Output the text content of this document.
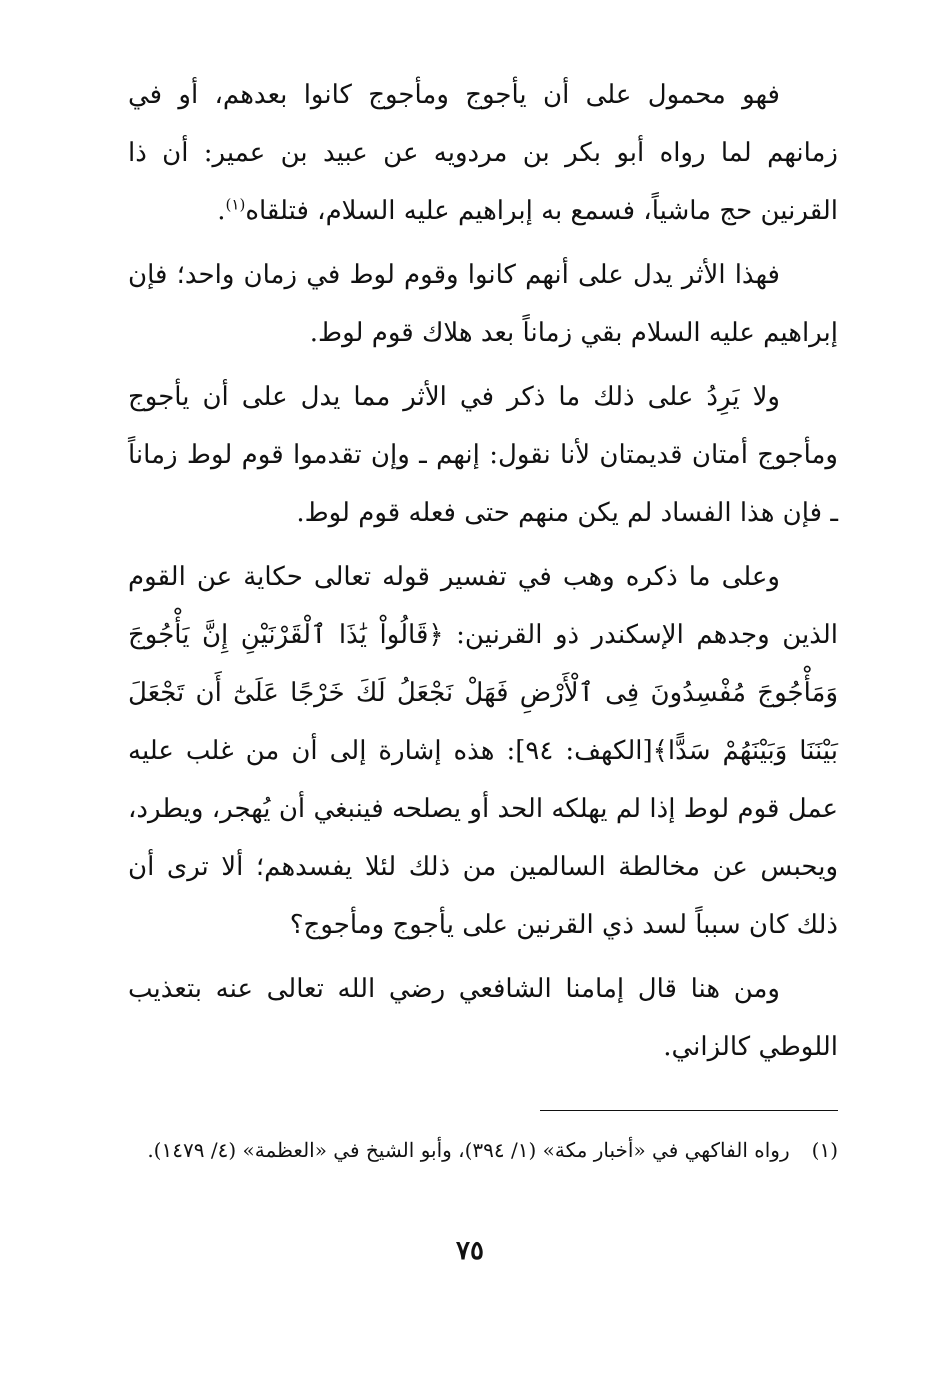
فهو محمول على أن يأجوج ومأجوج كانوا بعدهم، أو في زمانهم لما رواه أبو بكر بن مردويه عن عبيد بن عمير: أن ذا القرنين حج ماشياً، فسمع به إبراهيم عليه السلام، فتلقاه$^{(١)}$.

فهذا الأثر يدل على أنهم كانوا وقوم لوط في زمان واحد؛ فإن إبراهيم عليه السلام بقي زماناً بعد هلاك قوم لوط.

ولا يَرِدُ على ذلك ما ذكر في الأثر مما يدل على أن يأجوج ومأجوج أمتان قديمتان لأنا نقول: إنهم ـ وإن تقدموا قوم لوط زماناً ـ فإن هذا الفساد لم يكن منهم حتى فعله قوم لوط.

وعلى ما ذكره وهب في تفسير قوله تعالى حكاية عن القوم الذين وجدهم الإسكندر ذو القرنين: ﴿قَالُواْ يَٰذَا ٱلْقَرْنَيْنِ إِنَّ يَأْجُوجَ وَمَأْجُوجَ مُفْسِدُونَ فِى ٱلْأَرْضِ فَهَلْ نَجْعَلُ لَكَ خَرْجًا عَلَىٰٓ أَن تَجْعَلَ بَيْنَنَا وَبَيْنَهُمْ سَدًّا﴾[الكهف: ٩٤]: هذه إشارة إلى أن من غلب عليه عمل قوم لوط إذا لم يهلكه الحد أو يصلحه فينبغي أن يُهجر، ويطرد، ويحبس عن مخالطة السالمين من ذلك لئلا يفسدهم؛ ألا ترى أن ذلك كان سبباً لسد ذي القرنين على يأجوج ومأجوج؟

ومن هنا قال إمامنا الشافعي رضي الله تعالى عنه بتعذيب اللوطي كالزاني.

(١)رواه الفاكهي في «أخبار مكة» (١/ ٣٩٤)، وأبو الشيخ في «العظمة» (٤/ ١٤٧٩).
٧٥
